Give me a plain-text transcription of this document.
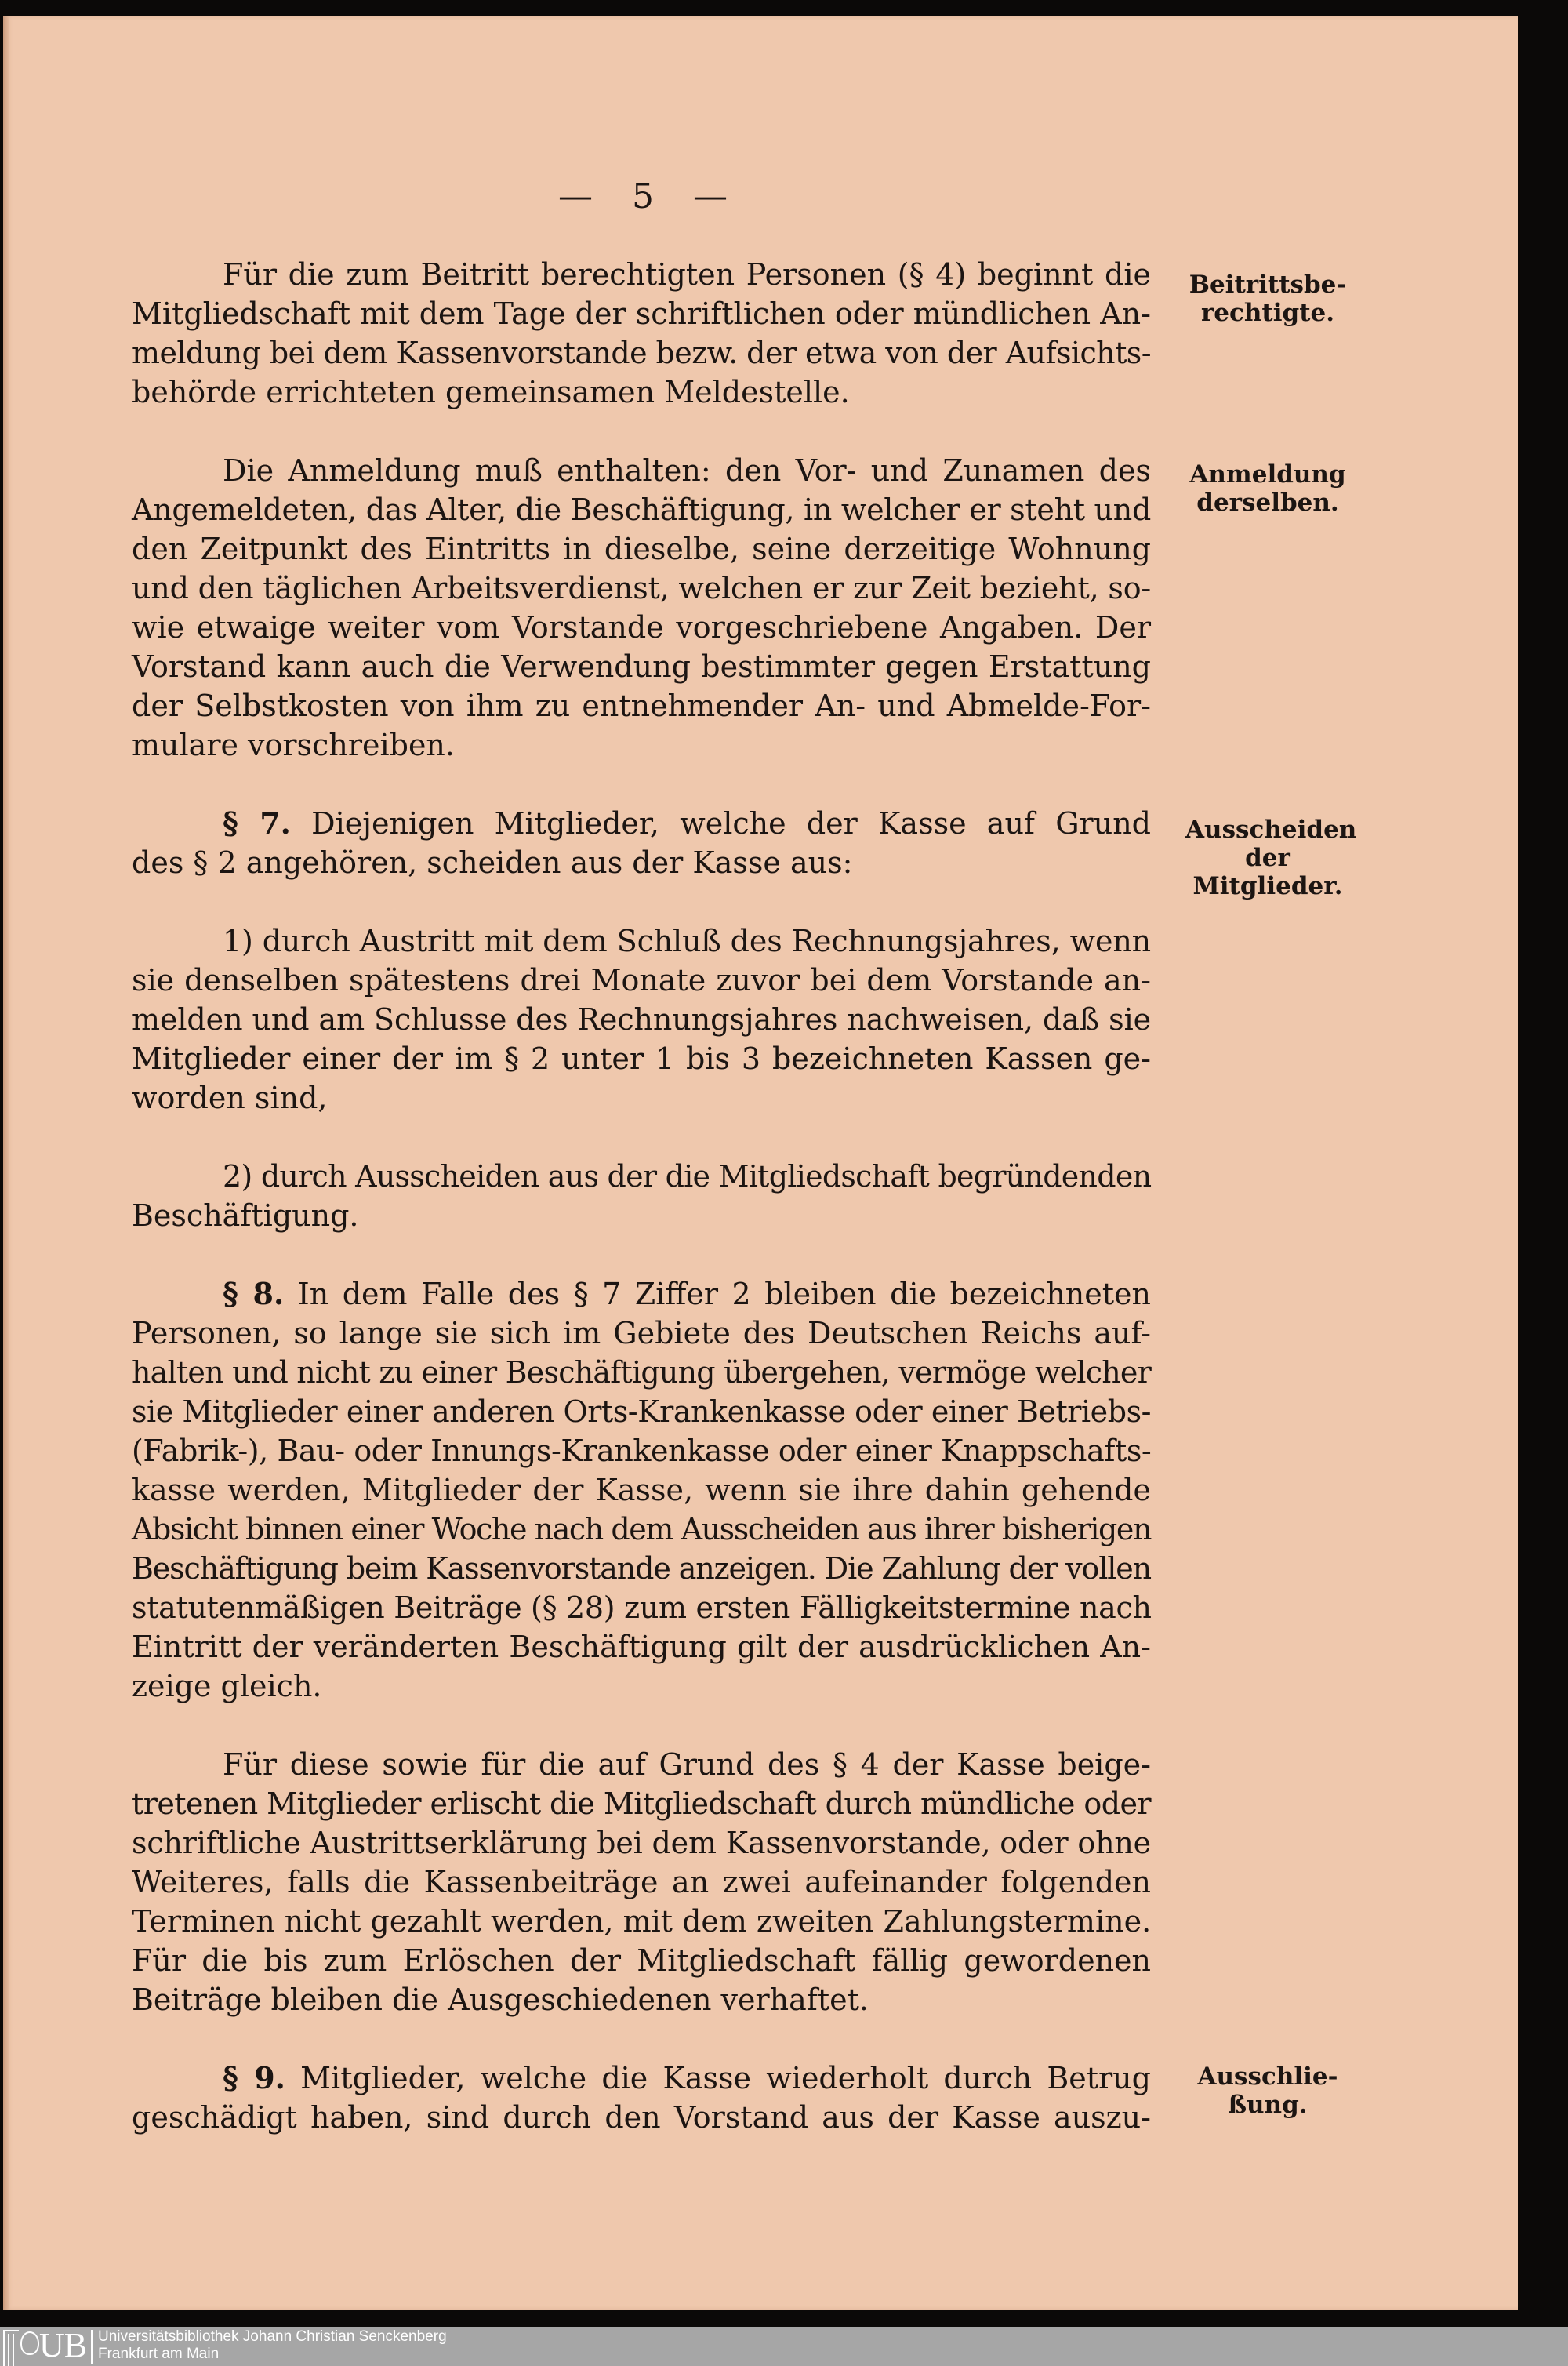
— 5 —
Für die zum Beitritt berechtigten Personen (§ 4) beginnt die
Mitgliedschaft mit dem Tage der schriftlichen oder mündlichen An-
meldung bei dem Kassenvorstande bezw. der etwa von der Aufsichts-
behörde errichteten gemeinsamen Meldestelle.
Die Anmeldung muß enthalten: den Vor- und Zunamen des
Angemeldeten, das Alter, die Beschäftigung, in welcher er steht und
den Zeitpunkt des Eintritts in dieselbe, seine derzeitige Wohnung
und den täglichen Arbeitsverdienst, welchen er zur Zeit bezieht, so-
wie etwaige weiter vom Vorstande vorgeschriebene Angaben. Der
Vorstand kann auch die Verwendung bestimmter gegen Erstattung
der Selbstkosten von ihm zu entnehmender An- und Abmelde-For-
mulare vorschreiben.
§ 7. Diejenigen Mitglieder, welche der Kasse auf Grund
des § 2 angehören, scheiden aus der Kasse aus:
1) durch Austritt mit dem Schluß des Rechnungsjahres, wenn
sie denselben spätestens drei Monate zuvor bei dem Vorstande an-
melden und am Schlusse des Rechnungsjahres nachweisen, daß sie
Mitglieder einer der im § 2 unter 1 bis 3 bezeichneten Kassen ge-
worden sind,
2) durch Ausscheiden aus der die Mitgliedschaft begründenden
Beschäftigung.
§ 8. In dem Falle des § 7 Ziffer 2 bleiben die bezeichneten
Personen, so lange sie sich im Gebiete des Deutschen Reichs auf-
halten und nicht zu einer Beschäftigung übergehen, vermöge welcher
sie Mitglieder einer anderen Orts-Krankenkasse oder einer Betriebs-
(Fabrik-), Bau- oder Innungs-Krankenkasse oder einer Knappschafts-
kasse werden, Mitglieder der Kasse, wenn sie ihre dahin gehende
Absicht binnen einer Woche nach dem Ausscheiden aus ihrer bisherigen
Beschäftigung beim Kassenvorstande anzeigen. Die Zahlung der vollen
statutenmäßigen Beiträge (§ 28) zum ersten Fälligkeitstermine nach
Eintritt der veränderten Beschäftigung gilt der ausdrücklichen An-
zeige gleich.
Für diese sowie für die auf Grund des § 4 der Kasse beige-
tretenen Mitglieder erlischt die Mitgliedschaft durch mündliche oder
schriftliche Austrittserklärung bei dem Kassenvorstande, oder ohne
Weiteres, falls die Kassenbeiträge an zwei aufeinander folgenden
Terminen nicht gezahlt werden, mit dem zweiten Zahlungstermine.
Für die bis zum Erlöschen der Mitgliedschaft fällig gewordenen
Beiträge bleiben die Ausgeschiedenen verhaftet.
§ 9. Mitglieder, welche die Kasse wiederholt durch Betrug
geschädigt haben, sind durch den Vorstand aus der Kasse auszu-
Beitrittsbe-
rechtigte.
Anmeldung
derselben.
Ausscheiden
der Mitglieder.
Ausschlie-
ßung.
UB Universitätsbibliothek Johann Christian Senckenberg
Frankfurt am Main
